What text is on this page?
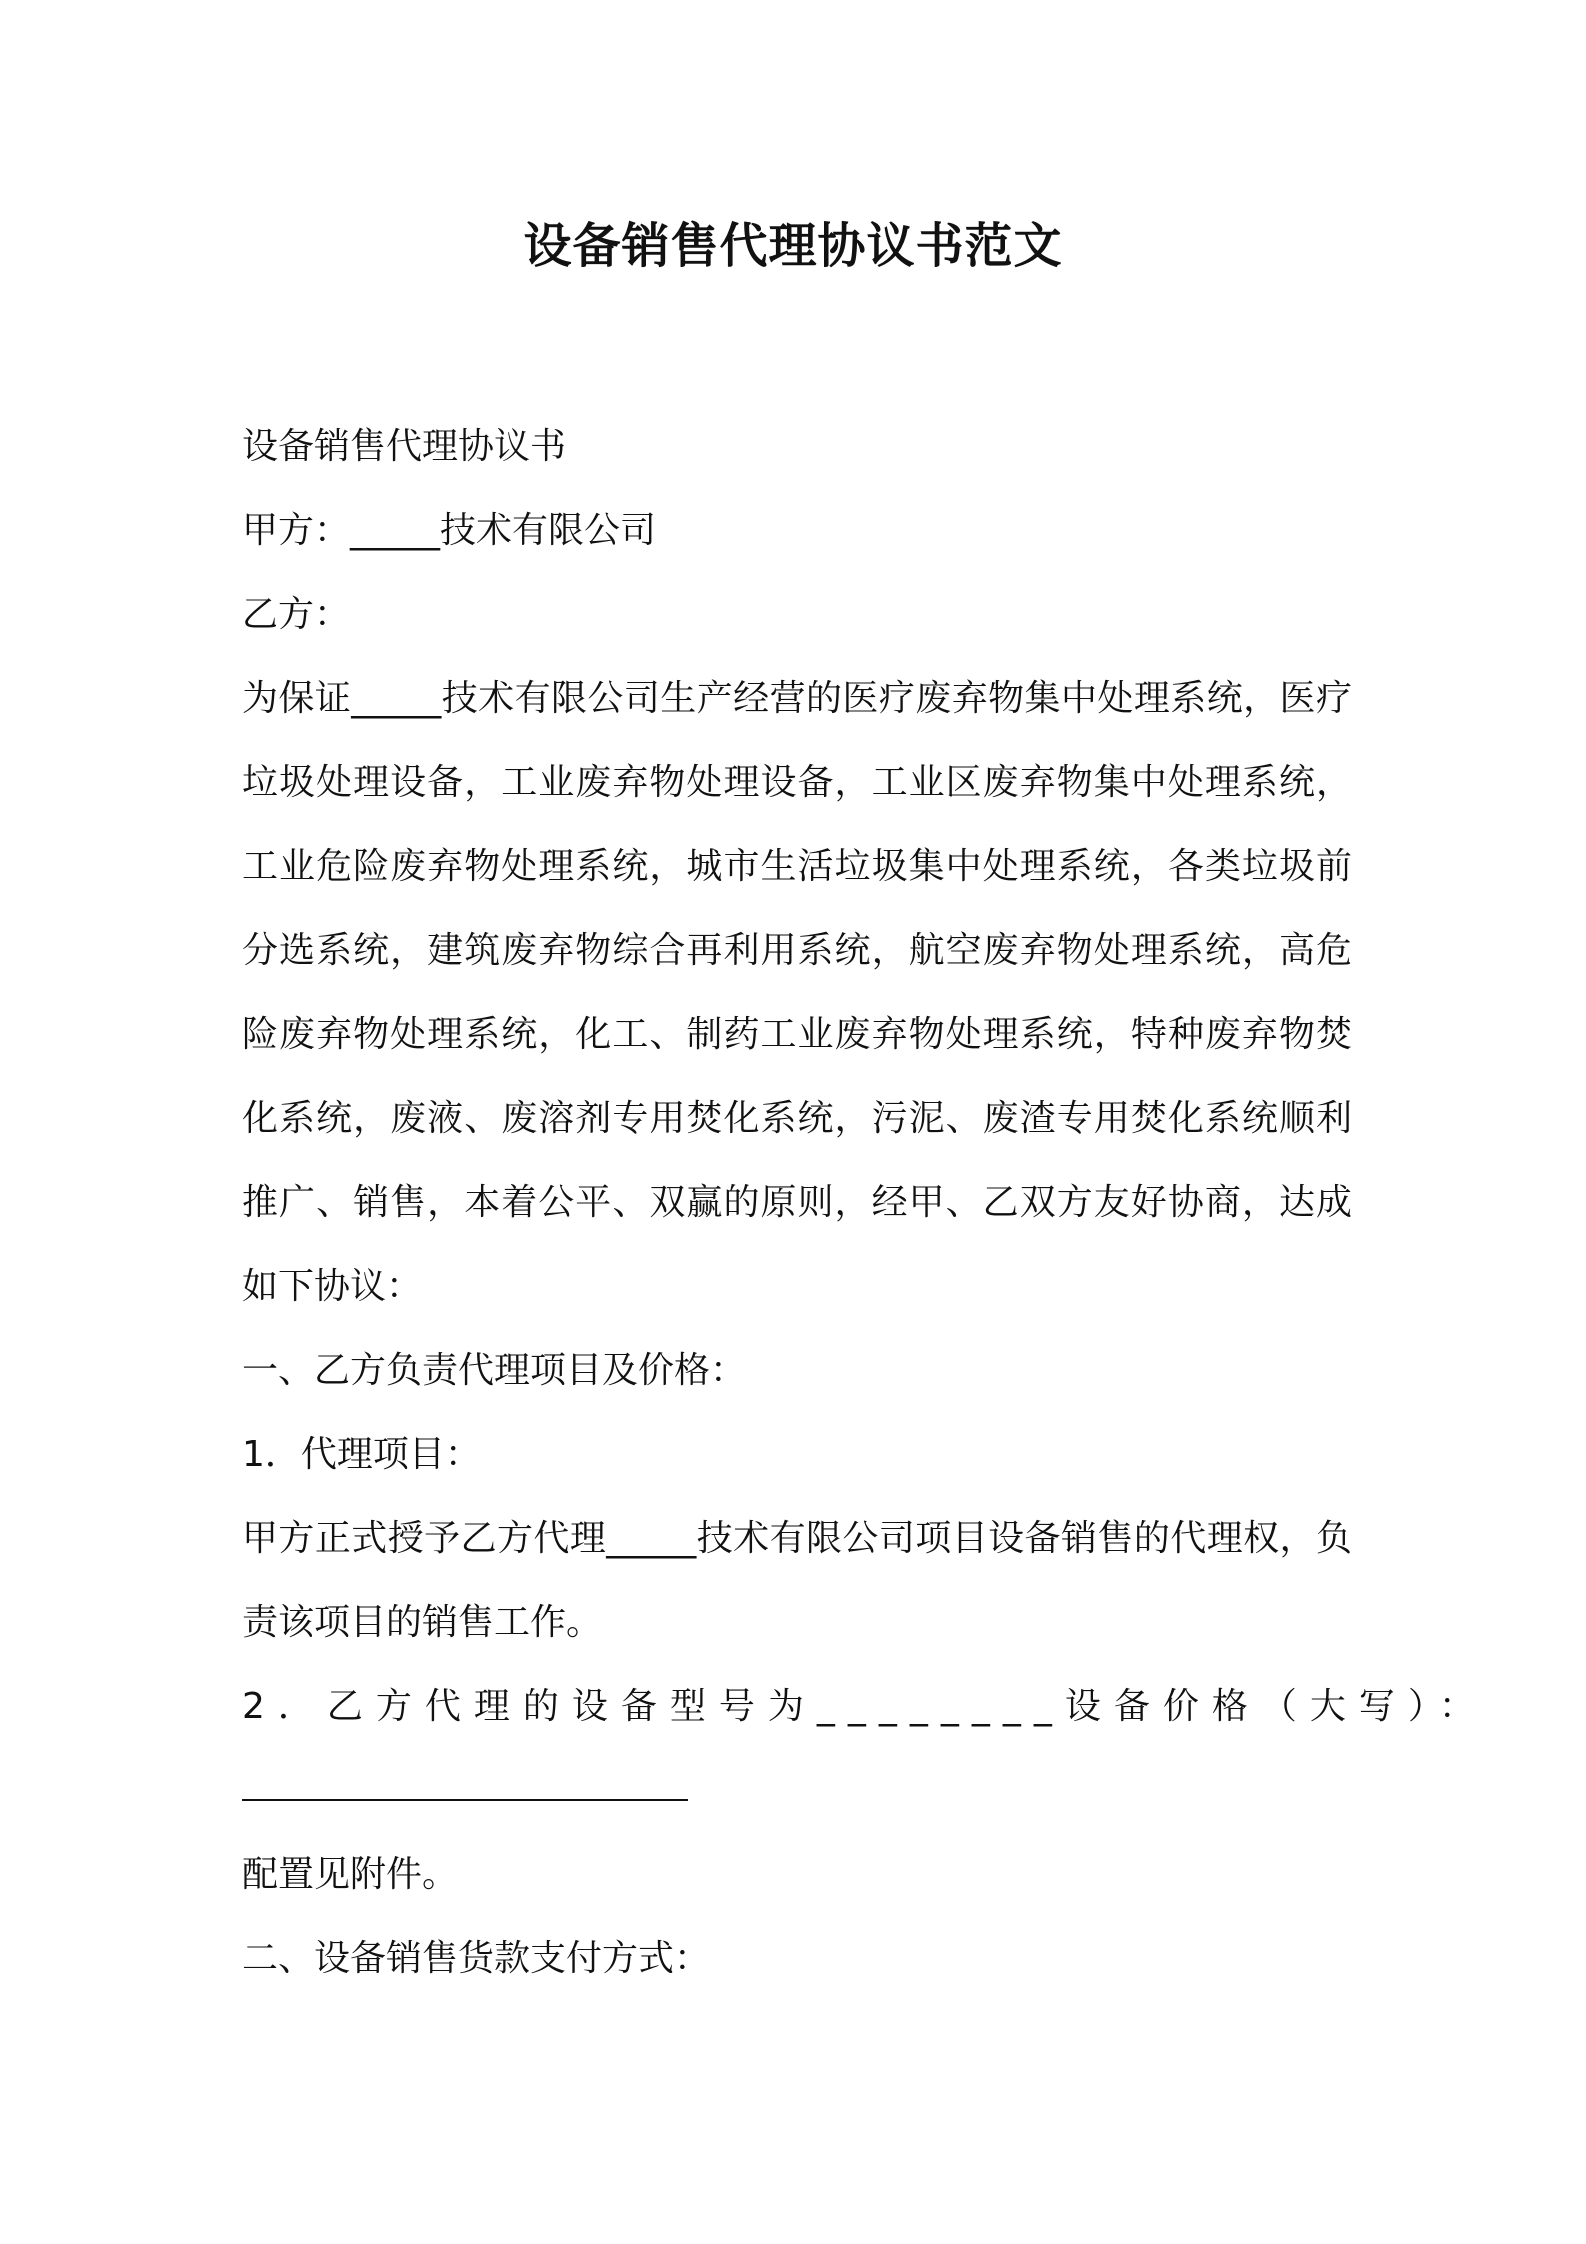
设备销售代理协议书范文
设备销售代理协议书
甲方：_____技术有限公司
乙方：
为保证_____技术有限公司生产经营的医疗废弃物集中处理系统，医疗垃圾处理设备，工业废弃物处理设备，工业区废弃物集中处理系统，工业危险废弃物处理系统，城市生活垃圾集中处理系统，各类垃圾前分选系统，建筑废弃物综合再利用系统，航空废弃物处理系统，高危险废弃物处理系统，化工、制药工业废弃物处理系统，特种废弃物焚化系统，废液、废溶剂专用焚化系统，污泥、废渣专用焚化系统顺利推广、销售，本着公平、双赢的原则，经甲、乙双方友好协商，达成如下协议：
一、乙方负责代理项目及价格：
1．代理项目：
甲方正式授予乙方代理_____技术有限公司项目设备销售的代理权，负责该项目的销售工作。
2．乙方代理的设备型号为________设备价格（大写）：
配置见附件。
二、设备销售货款支付方式：
